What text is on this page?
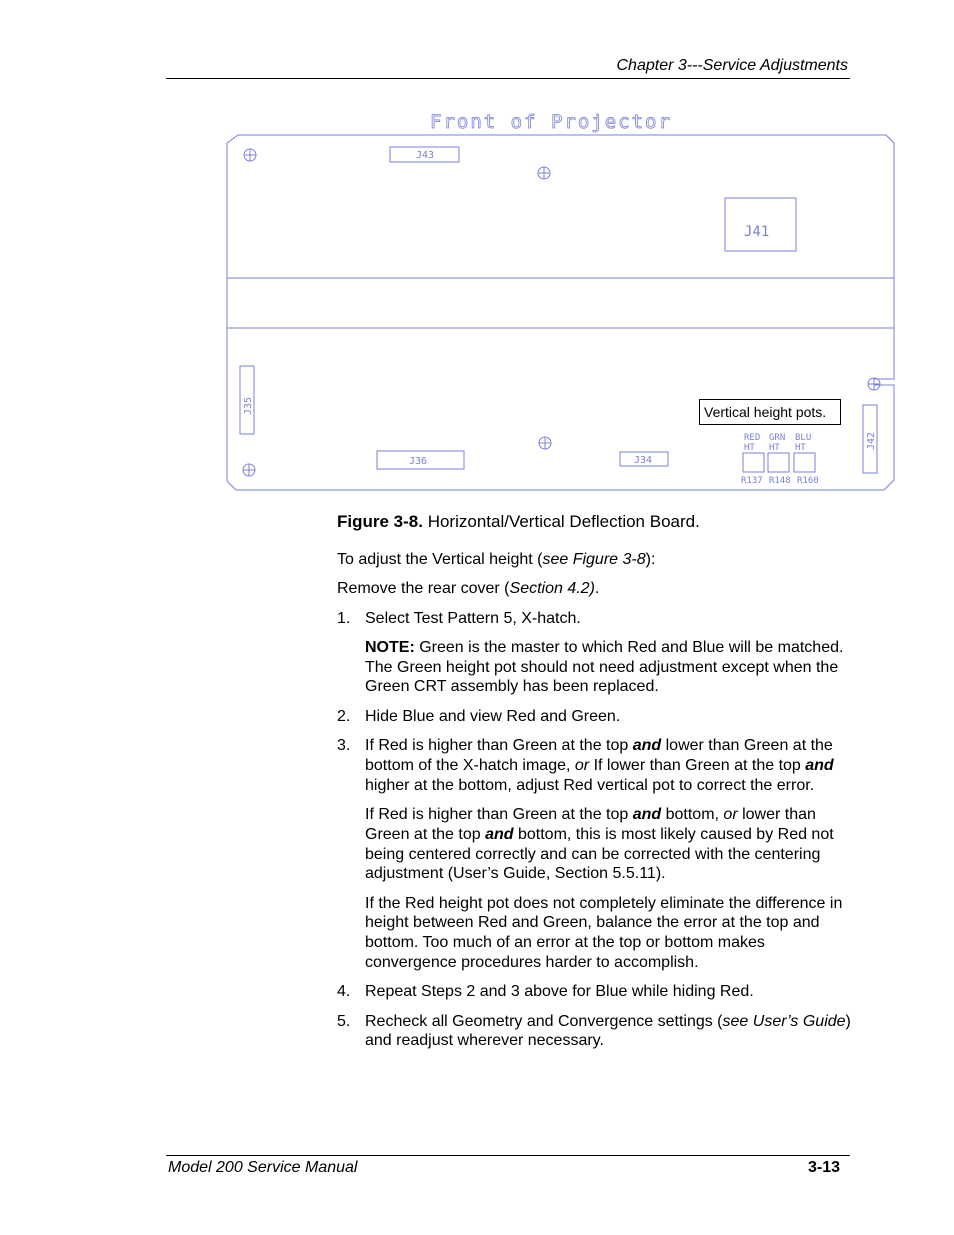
Chapter 3---Service Adjustments
Front of Projector
J43
J41
J35
J36	J34
J42
RED GRN BLU
HT HT HT
R137 R148 R160
Vertical height pots.
Figure 3-8. Horizontal/Vertical Deflection Board.

To adjust the Vertical height (see Figure 3-8):

Remove the rear cover (Section 4.2).

1. Select Test Pattern 5, X-hatch.

NOTE: Green is the master to which Red and Blue will be matched. The Green height pot should not need adjustment except when the Green CRT assembly has been replaced.

2. Hide Blue and view Red and Green.
3. If Red is higher than Green at the top and lower than Green at the bottom of the X-hatch image, or If lower than Green at the top and higher at the bottom, adjust Red vertical pot to correct the error.

If Red is higher than Green at the top and bottom, or lower than Green at the top and bottom, this is most likely caused by Red not being centered correctly and can be corrected with the centering adjustment (User’s Guide, Section 5.5.11).

If the Red height pot does not completely eliminate the difference in height between Red and Green, balance the error at the top and bottom. Too much of an error at the top or bottom makes convergence procedures harder to accomplish.

4. Repeat Steps 2 and 3 above for Blue while hiding Red.
5. Recheck all Geometry and Convergence settings (see User’s Guide) and readjust wherever necessary.
Model 200 Service Manual	3-13
